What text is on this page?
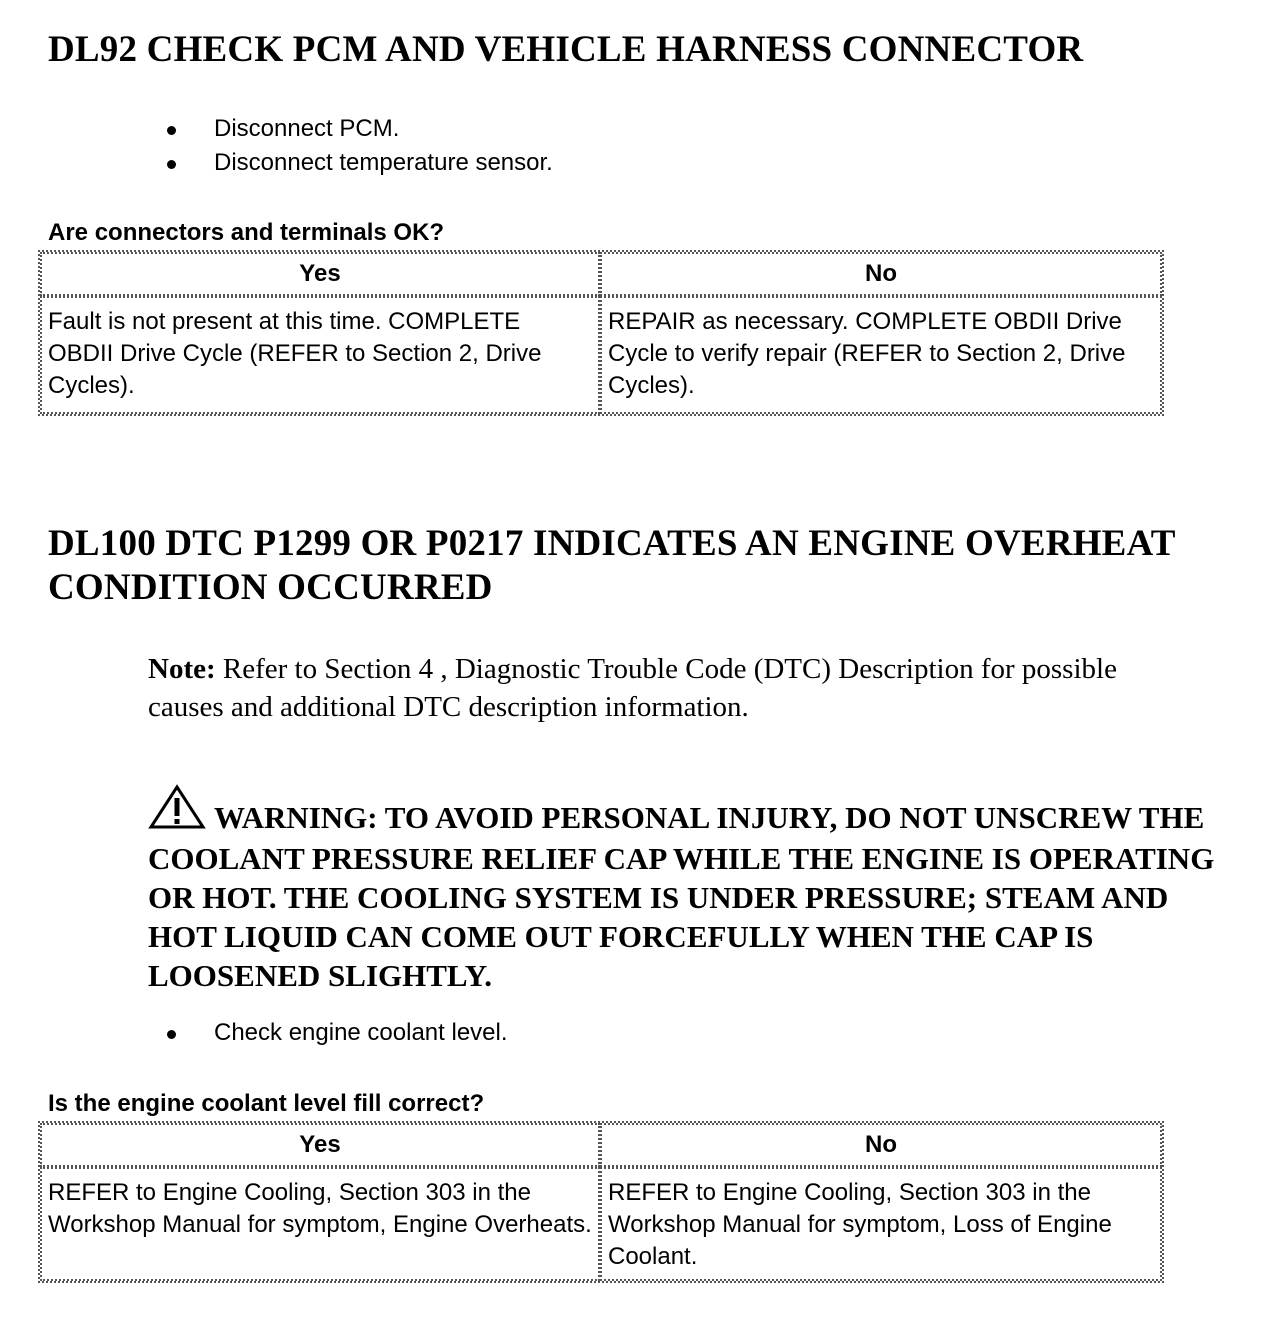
DL92 CHECK PCM AND VEHICLE HARNESS CONNECTOR
Disconnect PCM.
Disconnect temperature sensor.

Are connectors and terminals OK?

Yes	No
Fault is not present at this time. COMPLETE OBDII Drive Cycle (REFER to Section 2, Drive Cycles).	REPAIR as necessary. COMPLETE OBDII Drive Cycle to verify repair (REFER to Section 2, Drive Cycles).
DL100 DTC P1299 OR P0217 INDICATES AN ENGINE OVERHEAT CONDITION OCCURRED

Note: Refer to Section 4 , Diagnostic Trouble Code (DTC) Description for possible causes and additional DTC description information.

WARNING: TO AVOID PERSONAL INJURY, DO NOT UNSCREW THE COOLANT PRESSURE RELIEF CAP WHILE THE ENGINE IS OPERATING OR HOT. THE COOLING SYSTEM IS UNDER PRESSURE; STEAM AND HOT LIQUID CAN COME OUT FORCEFULLY WHEN THE CAP IS LOOSENED SLIGHTLY.

Check engine coolant level.

Is the engine coolant level fill correct?

Yes	No
REFER to Engine Cooling, Section 303 in the Workshop Manual for symptom, Engine Overheats.	REFER to Engine Cooling, Section 303 in the Workshop Manual for symptom, Loss of Engine Coolant.
